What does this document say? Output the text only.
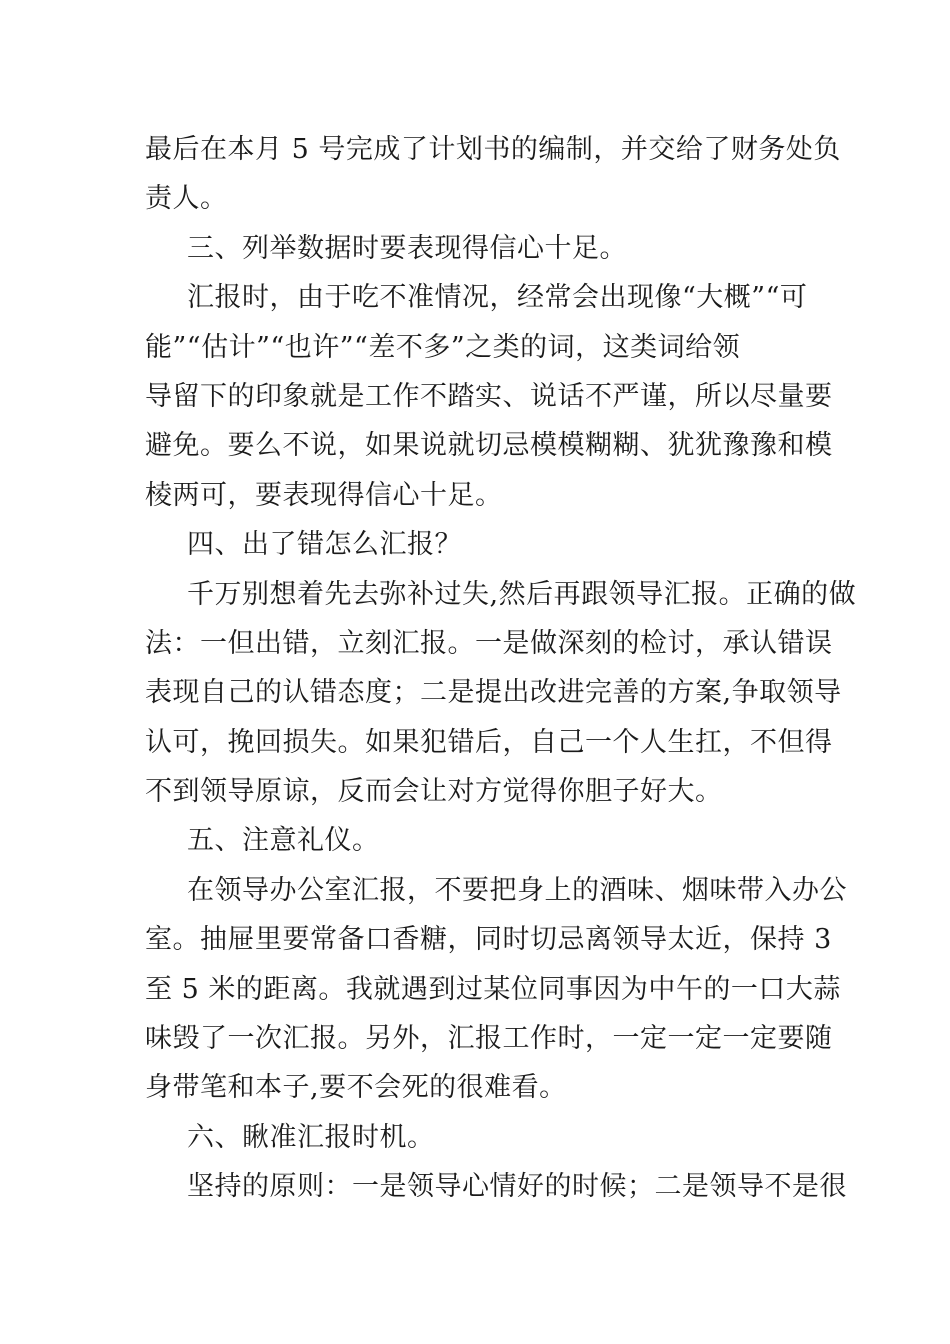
最后在本月 5 号完成了计划书的编制，并交给了财务处负
责人。
三、列举数据时要表现得信心十足。
汇报时，由于吃不准情况，经常会出现像“大概”“可
能”“估计”“也许”“差不多”之类的词，这类词给领
导留下的印象就是工作不踏实、说话不严谨，所以尽量要
避免。要么不说，如果说就切忌模模糊糊、犹犹豫豫和模
棱两可，要表现得信心十足。
四、出了错怎么汇报？
千万别想着先去弥补过失,然后再跟领导汇报。正确的做
法：一但出错，立刻汇报。一是做深刻的检讨，承认错误
表现自己的认错态度；二是提出改进完善的方案,争取领导
认可，挽回损失。如果犯错后，自己一个人生扛，不但得
不到领导原谅，反而会让对方觉得你胆子好大。
五、注意礼仪。
在领导办公室汇报，不要把身上的酒味、烟味带入办公
室。抽屉里要常备口香糖，同时切忌离领导太近，保持 3
至 5 米的距离。我就遇到过某位同事因为中午的一口大蒜
味毁了一次汇报。另外，汇报工作时，一定一定一定要随
身带笔和本子,要不会死的很难看。
六、瞅准汇报时机。
坚持的原则：一是领导心情好的时候；二是领导不是很
